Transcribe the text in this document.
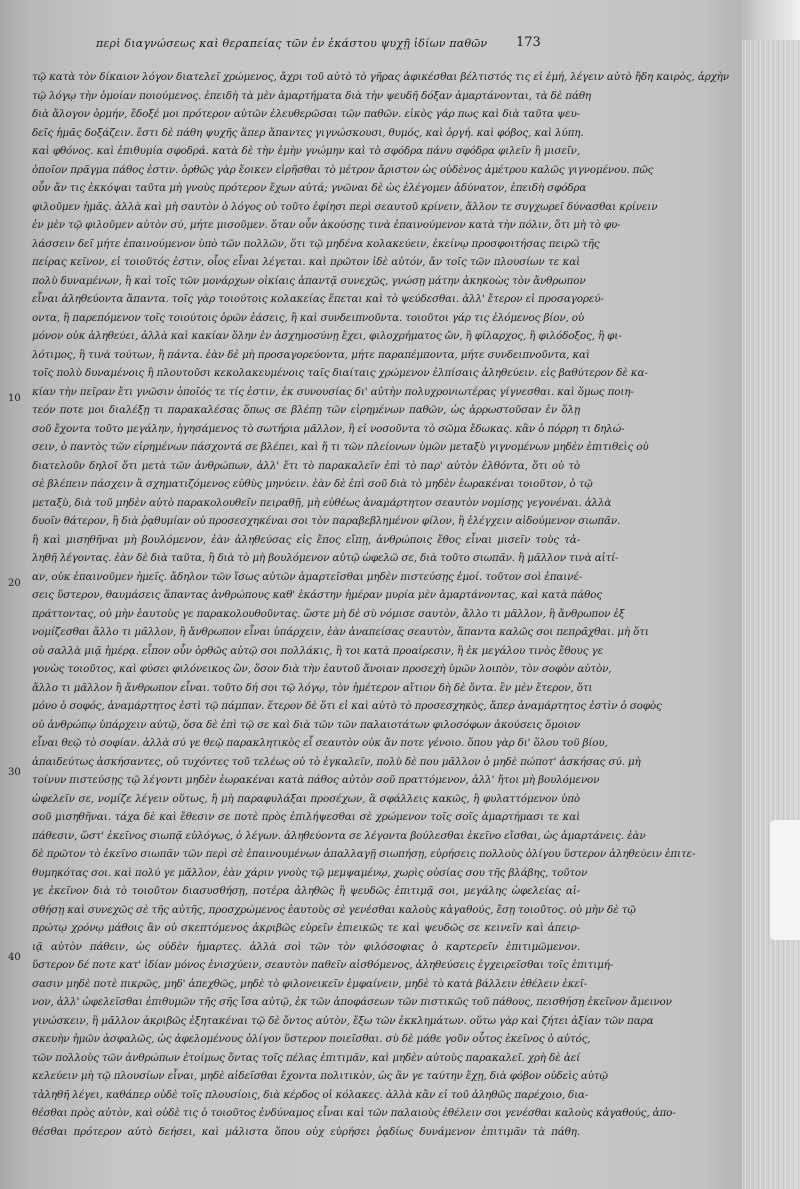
περὶ διαγνώσεως καὶ θεραπείας τῶν ἐν ἑκάστου ψυχῇ ἰδίων παθῶν 173
τῷ κατὰ τὸν δίκαιον λόγον διατελεῖ χρώμενος, ἄχρι τοῦ αὐτὸ τὸ γῆρας ἀφικέσθαι βέλτιστός τις εἰ ἐμή, λέγειν αὐτὸ ἤδη καιρὸς, ἀρχὴν
τῷ λόγῳ τὴν ὁμοίαν ποιούμενος. ἐπειδὴ τὰ μὲν ἁμαρτήματα διὰ τὴν ψευδῆ δόξαν ἁμαρτάνονται, τὰ δὲ πάθη
διὰ ἄλογον ὁρμήν, ἔδοξέ μοι πρότερον αὐτῶν ἐλευθερῶσαι τῶν παθῶν. εἰκὸς γάρ πως καὶ διὰ ταῦτα ψευ-
δεῖς ἡμᾶς δοξάζειν. ἔστι δὲ πάθη ψυχῆς ἅπερ ἅπαντες γιγνώσκουσι, θυμός, καὶ ὀργή. καὶ φόβος, καὶ λύπη.
καὶ φθόνος. καὶ ἐπιθυμία σφοδρά. κατὰ δὲ τὴν ἐμὴν γνώμην καὶ τὸ σφόδρα πάνυ σφόδρα φιλεῖν ἢ μισεῖν,
ὁποῖον πρᾶγμα πάθος ἐστιν. ὀρθῶς γὰρ ἔοικεν εἰρῆσθαι τὸ μέτρον ἄριστον ὡς οὐδὲνος ἀμέτρου καλῶς γιγνομένου. πῶς
οὖν ἄν τις ἐκκόψαι ταῦτα μὴ γνοὺς πρότερον ἔχων αὐτά; γνῶναι δὲ ὡς ἐλέγομεν ἀδύνατον, ἐπειδὴ σφόδρα
φιλοῦμεν ἡμᾶς. ἀλλὰ καὶ μὴ σαυτὸν ὁ λόγος οὐ τοῦτο ἐφίησι περὶ σεαυτοῦ κρίνειν, ἄλλον τε συγχωρεῖ δύνασθαι κρίνειν
ἐν μὲν τῷ φιλοῦμεν αὐτὸν σύ, μήτε μισοῦμεν. ὅταν οὖν ἀκούσῃς τινὰ ἐπαινούμενον κατὰ τὴν πόλιν, ὅτι μὴ τὸ φυ-
λάσσειν δεῖ μήτε ἐπαινούμενον ὑπὸ τῶν πολλῶν, ὅτι τῷ μηδένα κολακεύειν, ἐκείνῳ προσφοιτήσας πειρῶ τῆς
πείρας κεῖνον, εἰ τοιοῦτός ἐστιν, οἷος εἶναι λέγεται. καὶ πρῶτον ἰδὲ αὐτόν, ἄν τοῖς τῶν πλουσίων τε καὶ
πολὺ δυναμένων, ἢ καὶ τοῖς τῶν μονάρχων οἰκίαις ἀπαντᾷ συνεχῶς, γνώσῃ μάτην ἀκηκοὼς τὸν ἄνθρωπον
εἶναι ἀληθεύοντα ἅπαντα. τοῖς γὰρ τοιούτοις κολακείας ἕπεται καὶ τὸ ψεύδεσθαι. ἀλλ' ἔτερον εἰ προσαγορεύ-
οντα, ἢ παρεπόμενον τοῖς τοιούτοις ὁρῶν ἐάσεις, ἢ καὶ συνδειπνοῦντα. τοιοῦτοι γάρ τις ἐλόμενος βίον, οὐ
μόνον οὐκ ἀληθεύει, ἀλλὰ καὶ κακίαν ὅλην ἐν ἀσχημοσύνῃ ἔχει, φιλοχρήματος ὤν, ἢ φίλαρχος, ἢ φιλόδοξος, ἢ φι-
λότιμος, ἢ τινὰ τούτων, ἢ πάντα. ἐὰν δὲ μὴ προσαγορεύοντα, μήτε παραπέμποντα, μήτε συνδειπνοῦντα, καὶ
τοῖς πολὺ δυναμένοις ἢ πλουτοῦσι κεκολακευμένοις ταῖς διαίταις χρώμενον ἐλπίσαις ἀληθεύειν. εἰς βαθύτερον δὲ κα-
κίαν τὴν πεῖραν ἔτι γνῶσιν ὁποῖός τε τίς ἐστιν, ἐκ συνουσίας δι' αὐτὴν πολυχρονιωτέρας γίγνεσθαι. καὶ ὅμως ποιη-
τεόν ποτε μοι διαλέξῃ τι παρακαλέσας ὅπως σε βλέπῃ τῶν εἰρημένων παθῶν, ὡς ἀρρωστοῦσαν ἐν ὅλῃ
σοῦ ἔχοντα τοῦτο μεγάλην, ἡγησάμενος τὸ σωτήρια μᾶλλον, ἢ εἰ νοσοῦντα τὸ σῶμα ἔδωκας. κἂν ὁ πόρρη τι δηλώ-
σειν, ὁ παντὸς τῶν εἰρημένων πάσχοντά σε βλέπει, καὶ ἤ τι τῶν πλείονων ὑμῶν μεταξὺ γιγνομένων μηδὲν ἐπιτιθεὶς οὐ
διατελοῦν δηλοῖ ὅτι μετὰ τῶν ἀνθρώπων, ἀλλ' ἔτι τὸ παρακαλεῖν ἐπὶ τὸ παρ' αὐτὸν ἐλθόντα, ὅτι οὐ τὸ
σὲ βλέπειν πάσχειν ἃ σχηματιζόμενος εὐθὺς μηνύειν. ἐὰν δὲ ἐπὶ σοῦ διὰ τὸ μηδὲν ἑωρακέναι τοιοῦτον, ὁ τῷ
μεταξὺ, διὰ τοῦ μηδὲν αὐτὸ παρακολουθεῖν πειραθῇ, μὴ εὐθέως ἀναμάρτητον σεαυτὸν νομίσῃς γεγονέναι. ἀλλὰ
δυοῖν θάτερον, ἢ διὰ ῥᾳθυμίαν οὐ προσεσχηκέναι σοι τὸν παραβεβλημένον φίλον, ἢ ἐλέγχειν αἰδούμενον σιωπᾶν.
ἢ καὶ μισηθῆναι μὴ βουλόμενον, ἐὰν ἀληθεύσας εἰς ἔπος εἴπῃ, ἀνθρώποις ἔθος εἶναι μισεῖν τοὺς τἀ-
ληθῆ λέγοντας. ἐὰν δὲ διὰ ταῦτα, ἢ διὰ τὸ μὴ βουλόμενον αὐτῷ ὠφελῶ σε, διὰ τοῦτο σιωπᾶν. ἢ μᾶλλον τινὰ αἰτί-
αν, οὐκ ἐπαινοῦμεν ἡμεῖς. ἄδηλον τῶν ἴσως αὐτῶν ἁμαρτεῖσθαι μηδὲν πιστεύσῃς ἐμοί. τοῦτον σοὶ ἐπαινέ-
σεις ὕστερον, θαυμάσεις ἅπαντας ἀνθρώπους καθ' ἑκάστην ἡμέραν μυρία μὲν ἁμαρτάνοντας, καὶ κατὰ πάθος
πράττοντας, οὐ μὴν ἑαυτοὺς γε παρακολουθοῦντας. ὥστε μὴ δὲ σὺ νόμισε σαυτὸν, ἄλλο τι μᾶλλον, ἢ ἄνθρωπον ἐξ
νομίζεσθαι ἄλλο τι μᾶλλον, ἢ ἄνθρωπον εἶναι ὑπάρχειν, ἐὰν ἀναπείσας σεαυτὸν, ἅπαντα καλῶς σοι πεπρᾶχθαι. μὴ ὅτι
οὐ σαλλὰ μιᾷ ἡμέρᾳ. εἶπον οὖν ὁρθῶς αὐτῷ σοι πολλάκις, ἢ τοι κατὰ προαίρεσιν, ἢ ἐκ μεγάλου τινὸς ἔθους γε
γονὼς τοιοῦτος, καὶ φύσει φιλόνεικος ὢν, ὅσον διὰ τὴν ἑαυτοῦ ἄνοιαν προσεχὴ ὑμῶν λοιπὸν, τὸν σοφὸν αὐτὸν,
ἄλλο τι μᾶλλον ἢ ἄνθρωπον εἶναι. τοῦτο δή σοι τῷ λόγῳ, τὸν ἡμέτερον αἴτιον δὴ δὲ ὄντα. ἓν μὲν ἕτερον, ὅτι
μόνο ὁ σοφός, ἀναμάρτητος ἐστὶ τῷ πάμπαν. ἕτερον δὲ ὅτι εἰ καὶ αὐτὸ τὸ προσεσχηκὸς, ἅπερ ἀναμάρτητος ἐστὶν ὁ σοφὸς
οὐ ἀνθρώπῳ ὑπάρχειν αὐτῷ, ὅσα δὲ ἐπὶ τῷ σε καὶ διὰ τῶν τῶν παλαιοτάτων φιλοσόφων ἀκούσεις ὅμοιον
εἶναι θεῷ τὸ σοφίαν. ἀλλὰ σύ γε θεῷ παρακλητικὸς εἶ σεαυτὸν οὐκ ἄν ποτε γένοιο. ὅπου γὰρ δι' ὅλου τοῦ βίου,
ἀπαιδεύτως ἀσκήσαντες, οὐ τυχόντες τοῦ τελέως οὐ τὸ ἐγκαλεῖν, πολὺ δὲ που μᾶλλον ὁ μηδὲ πώποτ' ἀσκήσας σύ. μὴ
τοίνυν πιστεύσῃς τῷ λέγοντι μηδὲν ἑωρακέναι κατὰ πάθος αὐτὸν σοῦ πραττόμενον, ἀλλ' ἤτοι μὴ βουλόμενον
ὠφελεῖν σε, νομίζε λέγειν οὕτως, ἢ μὴ παραφυλάξαι προσέχων, ἃ σφάλλεις κακῶς, ἢ φυλαττόμενον ὑπὸ
σοῦ μισηθῆναι. τάχα δὲ καὶ ἔθεσιν σε ποτὲ πρὸς ἐπιλήψεσθαι σὲ χρώμενον τοῖς σοῖς ἁμαρτήμασι τε καὶ
πάθεσιν, ὥστ' ἐκεῖνος σιωπᾷ εὐλόγως, ὁ λέγων. ἀληθεύοντα σε λέγοντα βούλεσθαι ἐκεῖνο εἴσθαι, ὡς ἁμαρτάνεις. ἐὰν
δὲ πρῶτον τὸ ἐκεῖνο σιωπᾶν τῶν περὶ σὲ ἐπαινουμένων ἀπαλλαγῇ σιωπήσῃ, εὑρήσεις πολλοὺς ὀλίγου ὕστερον ἀληθεύειν ἐπιτε-
θυμηκότας σοι. καὶ πολύ γε μᾶλλον, ἐὰν χάριν γνοὺς τῷ μεμψαμένῳ, χωρὶς οὐσίας σου τῆς βλάβης, τοῦτον
γε ἐκεῖνον διὰ τὸ τοιοῦτον διασυσθήσῃ, ποτέρα ἀληθῶς ἢ ψευδῶς ἐπιτιμᾷ σοι, μεγάλης ὠφελείας αἰ-
σθήσῃ καὶ συνεχῶς σὲ τῆς αὐτῆς, προσχρώμενος ἑαυτοὺς σὲ γενέσθαι καλοὺς κἀγαθούς, ἔσῃ τοιοῦτος. οὐ μὴν δὲ τῷ
πρώτῳ χρόνῳ μάθοις ἂν οὐ σκεπτόμενος ἀκριβῶς εὑρεῖν ἐπιεικῶς τε καὶ ψευδῶς σε κεινεῖν καὶ ἀπειρ-
ιᾷ αὐτὸν πάθειν, ὡς οὐδὲν ἡμαρτες. ἀλλὰ σοὶ τῶν τὸν φιλόσοφιας ὁ καρτερεῖν ἐπιτιμῶμενον.
ὕστερον δέ ποτε κατ' ἰδίαν μόνος ἐνισχύειν, σεαυτὸν παθεῖν αἰσθόμενος, ἀληθεύσεις ἐγχειρεῖσθαι τοῖς ἐπιτιμή-
σασιν μηδὲ ποτὲ πικρῶς, μηδ' ἀπεχθῶς, μηδὲ τὸ φιλονεικεῖν ἐμφαίνειν, μηδὲ τὸ κατὰ βάλλειν ἐθέλειν ἐκεῖ-
νον, ἀλλ' ὠφελεῖσθαι ἐπιθυμῶν τῆς σῆς ἴσα αὐτῷ, ἐκ τῶν ἀποφάσεων τῶν πιστικῶς τοῦ πάθους, πεισθήσῃ ἐκεῖνον ἄμεινον
γινώσκειν, ἢ μᾶλλον ἀκριβῶς ἐξητακέναι τῷ δὲ ὄντος αὐτὸν, ἔξω τῶν ἐκκλημάτων. οὕτω γὰρ καὶ ζήτει ἀξίαν τῶν παρα
σκευὴν ἡμῶν ἀσφαλῶς, ὡς ἀφελομένους ὀλίγον ὕστερον ποιεῖσθαι. σὺ δὲ μάθε γοῦν οὗτος ἐκεῖνος ὁ αὐτός,
τῶν πολλοὺς τῶν ἀνθρώπων ἐτοίμως ὄντας τοῖς πέλας ἐπιτιμᾶν, καὶ μηδὲν αὐτοὺς παρακαλεῖ. χρὴ δὲ ἀεί
κελεύειν μὴ τῷ πλουσίων εἶναι, μηδὲ αἰδεῖσθαι ἔχοντα πολιτικὸν, ὡς ἂν γε ταύτην ἔχῃ, διὰ φόβον οὐδεὶς αὐτῷ
τἀληθῆ λέγει, καθάπερ οὐδὲ τοῖς πλουσίοις, διὰ κέρδος οἱ κόλακες. ἀλλὰ κἂν εἰ τοῦ ἀληθῶς παρέχοιο, δια-
θέσθαι πρὸς αὐτὸν, καὶ οὐδὲ τις ὁ τοιοῦτος ἐνδύναμος εἶναι καὶ τῶν παλαιοὺς ἐθέλειν σοι γενέσθαι καλοὺς κἀγαθούς, ἀπο-
θέσθαι πρότερον αὐτὸ δεήσει, καὶ μάλιστα ὅπου οὐχ εὑρήσει ῥᾳδίως δυνάμενον ἐπιτιμᾶν τὰ πάθη.
10
20
30
40
